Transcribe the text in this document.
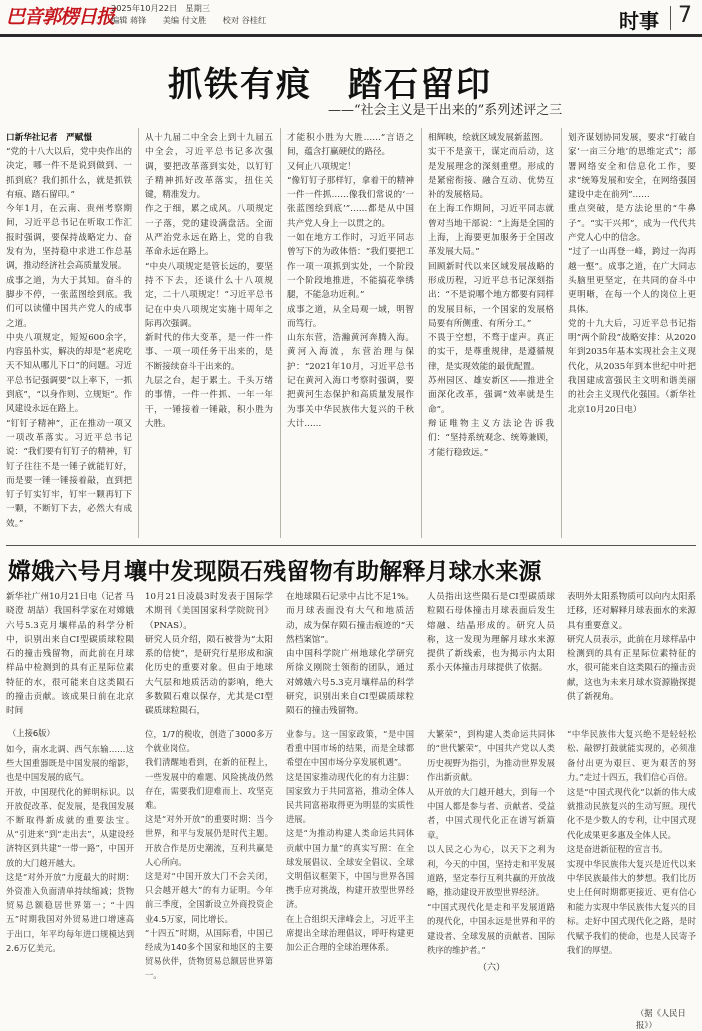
巴音郭楞日报
2025年10月22日　星期三
编辑 蒋锋　　美编 付文胜　　校对 谷桂红	时事 7
抓铁有痕　踏石留印
——“社会主义是干出来的”系列述评之三
口新华社记者　严赋憬
“党的十八大以后，党中央作出的决定，哪一件不是说到做到、一抓到底？我们抓什么，就是抓铁有痕、踏石留印。”
今年1月，在云南、贵州考察期间，习近平总书记在听取工作汇报时强调，要保持战略定力、奋发有为，坚持稳中求进工作总基调，推动经济社会高质量发展。
成事之道，为大于其知。奋斗的脚步不停，一张蓝图绘到底。我们可以读懂中国共产党人的成事之道。
中央八项规定，短短600余字，内容虽朴实，解决的却是“老虎吃天不知从哪儿下口”的问题。习近平总书记强调要“以上率下，一抓到底”，“以身作则、立规矩”。作风建设永远在路上。
“钉钉子精神”，正在推动一项又一项改革落实。习近平总书记说：“我们要有钉钉子的精神，钉钉子往往不是一锤子就能钉好，而是要一锤一锤接着敲，直到把钉子钉实钉牢，钉牢一颗再钉下一颗，不断钉下去，必然大有成效。”
从十九届二中全会上到十九届五中全会，习近平总书记多次强调，要把改革落到实处，以钉钉子精神抓好改革落实，扭住关键，精准发力。
作之于细，累之成风。八项规定一子落，党的建设满盘活。全面从严治党永远在路上，党的自我革命永远在路上。
“中央八项规定是管长远的，要坚持不下去，还谈什么十八项规定，二十八项规定！”习近平总书记在中央八项规定实施十周年之际再次强调。
新时代的伟大变革，是一件一件事、一项一项任务干出来的，是不断接续奋斗干出来的。
九层之台，起于累土。千头万绪的事情，一件一件抓、一年一年干，一锤接着一锤敲，积小胜为大胜。
才能积小胜为大胜……”言语之间，蕴含打赢硬仗的路径。
又何止八项规定！
“像钉钉子那样钉，拿着干的精神一件一件抓……像我们常说的‘一张蓝图绘到底’”……都是从中国共产党人身上一以贯之的。
一如在地方工作时，习近平同志曾写下的为政体悟：“我们要把工作一项一项抓到实处，一个阶段一个阶段地推进，不能搞花拳绣腿，不能急功近利。”
成事之道，从全局观一域，明智而笃行。
山东东营，浩瀚黄河奔腾入海。黄河入海流，东营治理与保护：“2021年10月，习近平总书记在黄河入海口考察时强调，要把黄河生态保护和高质量发展作为事关中华民族伟大复兴的千秋大计……
相辉映，绘就区域发展新蓝图。
实干不是蛮干，谋定而后动，这是发展理念的深刻重塑。形成的是紧密衔接、融合互动、优势互补的发展格局。
在上海工作期间，习近平同志就曾对当地干部说：“上海是全国的上海，上海要更加服务于全国改革发展大局。”
回顾新时代以来区域发展战略的形成历程，习近平总书记深刻指出：“不是说哪个地方都要有同样的发展目标，一个国家的发展格局要有所侧重、有所分工。”
不畏于空想，不骛于虚声。真正的实干，是尊重规律，是遵循规律，是实现效能的最优配置。
苏州园区、雄安新区——推进全面深化改革，强调“效率就是生命”。
辩证唯物主义方法论告诉我们：“坚持系统观念、统筹兼顾，才能行稳致远。”
划齐谋划协同发展，要求“打破自家‘一亩三分地’的思维定式”；部署网络安全和信息化工作，要求“统筹发展和安全，在网络强国建设中走在前列”……
重点突破，是方法论里的“牛鼻子”。“实干兴邦”，成为一代代共产党人心中的信念。
“过了一山再登一峰，跨过一沟再越一壑”。成事之道，在广大同志头脑里更坚定，在共同的奋斗中更明晰，在每一个人的岗位上更具体。
党的十九大后，习近平总书记指明“两个阶段”战略安排：从2020年到2035年基本实现社会主义现代化，从2035年到本世纪中叶把我国建成富强民主文明和谐美丽的社会主义现代化强国。（新华社北京10月20日电）
嫦娥六号月壤中发现陨石残留物有助解释月球水来源
新华社广州10月21日电（记者 马晓澄 胡喆）我国科学家在对嫦娥六号5.3克月壤样品的科学分析中，识别出来自CI型碳质球粒陨石的撞击残留物，而此前在月球样品中检测到的具有正星际位素特征的水，很可能来自这类陨石的撞击贡献。该成果日前在北京时间
10月21日凌晨3时发表于国际学术期刊《美国国家科学院院刊》（PNAS）。
研究人员介绍，陨石被誉为“太阳系的信使”，是研究行星形成和演化历史的重要对象。但由于地球大气层和地质活动的影响，绝大多数陨石难以保存，尤其是CI型碳质球粒陨石，
在地球陨石记录中占比不足1%。而月球表面没有大气和地质活动，成为保存陨石撞击痕迹的“天然档案馆”。
由中国科学院广州地球化学研究所徐义刚院士领衔的团队，通过对嫦娥六号5.3克月壤样品的科学研究，识别出来自CI型碳质球粒陨石的撞击残留物。
人员指出这些陨石是CI型碳质球粒陨石母体撞击月球表面后发生熔融、结晶形成的。研究人员称，这一发现为理解月球水来源提供了新线索，也为揭示内太阳系小天体撞击月球提供了依据。
表明外太阳系物质可以向内太阳系迁移，还对解释月球表面水的来源具有重要意义。
研究人员表示，此前在月球样品中检测到的具有正星际位素特征的水，很可能来自这类陨石的撞击贡献，这也为未来月球水资源勘探提供了新视角。
（上接6版）
如今，南水北调、西气东输……这些大国重器既是中国发展的缩影，也是中国发展的底气。
开放，中国现代化的鲜明标识。以开放促改革、促发展，是我国发展不断取得新成就的重要法宝。从“引进来”到“走出去”，从建设经济特区到共建“一带一路”，中国开放的大门越开越大。
这是“对外开放”力度最大的时期：外资准入负面清单持续缩减；货物贸易总额稳居世界第一；“十四五”时期我国对外贸易进口增速高于出口，年平均每年进口规模达到2.6万亿美元。
位，1/7的税收，创造了3000多万个就业岗位。
我们清醒地看到，在新的征程上，一些发展中的难题、风险挑战仍然存在，需要我们迎难而上、攻坚克难。
这是“对外开放”的重要时期：当今世界，和平与发展仍是时代主题。开放合作是历史潮流，互利共赢是人心所向。
这是对“中国开放大门不会关闭，只会越开越大”的有力证明。今年前三季度，全国新设立外商投资企业4.5万家，同比增长。
“十四五”时期，从国际看，中国已经成为140多个国家和地区的主要贸易伙伴，货物贸易总额居世界第一。
业参与。这一国家政策，“是中国看重中国市场的结果，而是全球都希望在中国市场分享发展机遇”。
这是国家推动现代化的有力注脚：国家致力于共同富裕，推动全体人民共同富裕取得更为明显的实质性进展。
这是“为推动构建人类命运共同体贡献中国力量”的真实写照：在全球发展倡议、全球安全倡议、全球文明倡议框架下，中国与世界各国携手应对挑战，构建开放型世界经济。
在上合组织天津峰会上，习近平主席提出全球治理倡议，呼吁构建更加公正合理的全球治理体系。
大繁荣”，到构建人类命运共同体的“世代繁荣”，中国共产党以人类历史视野为指引，为推动世界发展作出新贡献。
从开放的大门越开越大，到每一个中国人都是参与者、贡献者、受益者，中国式现代化正在谱写新篇章。
以人民之心为心，以天下之利为利，今天的中国，坚持走和平发展道路，坚定奉行互利共赢的开放战略，推动建设开放型世界经济。
“中国式现代化是走和平发展道路的现代化，中国永远是世界和平的建设者、全球发展的贡献者、国际秩序的维护者。”
（六）
“中华民族伟大复兴绝不是轻轻松松、敲锣打鼓就能实现的，必须准备付出更为艰巨、更为艰苦的努力。”走过十四五，我们信心百倍。
这是“中国式现代化”以新的伟大成就推动民族复兴的生动写照。现代化不是少数人的专利，让中国式现代化成果更多惠及全体人民。
这是奋进新征程的宣言书。
实现中华民族伟大复兴是近代以来中华民族最伟大的梦想。我们比历史上任何时期都更接近、更有信心和能力实现中华民族伟大复兴的目标。走好中国式现代化之路，是时代赋予我们的使命，也是人民寄予我们的厚望。
（据《人民日报》）
